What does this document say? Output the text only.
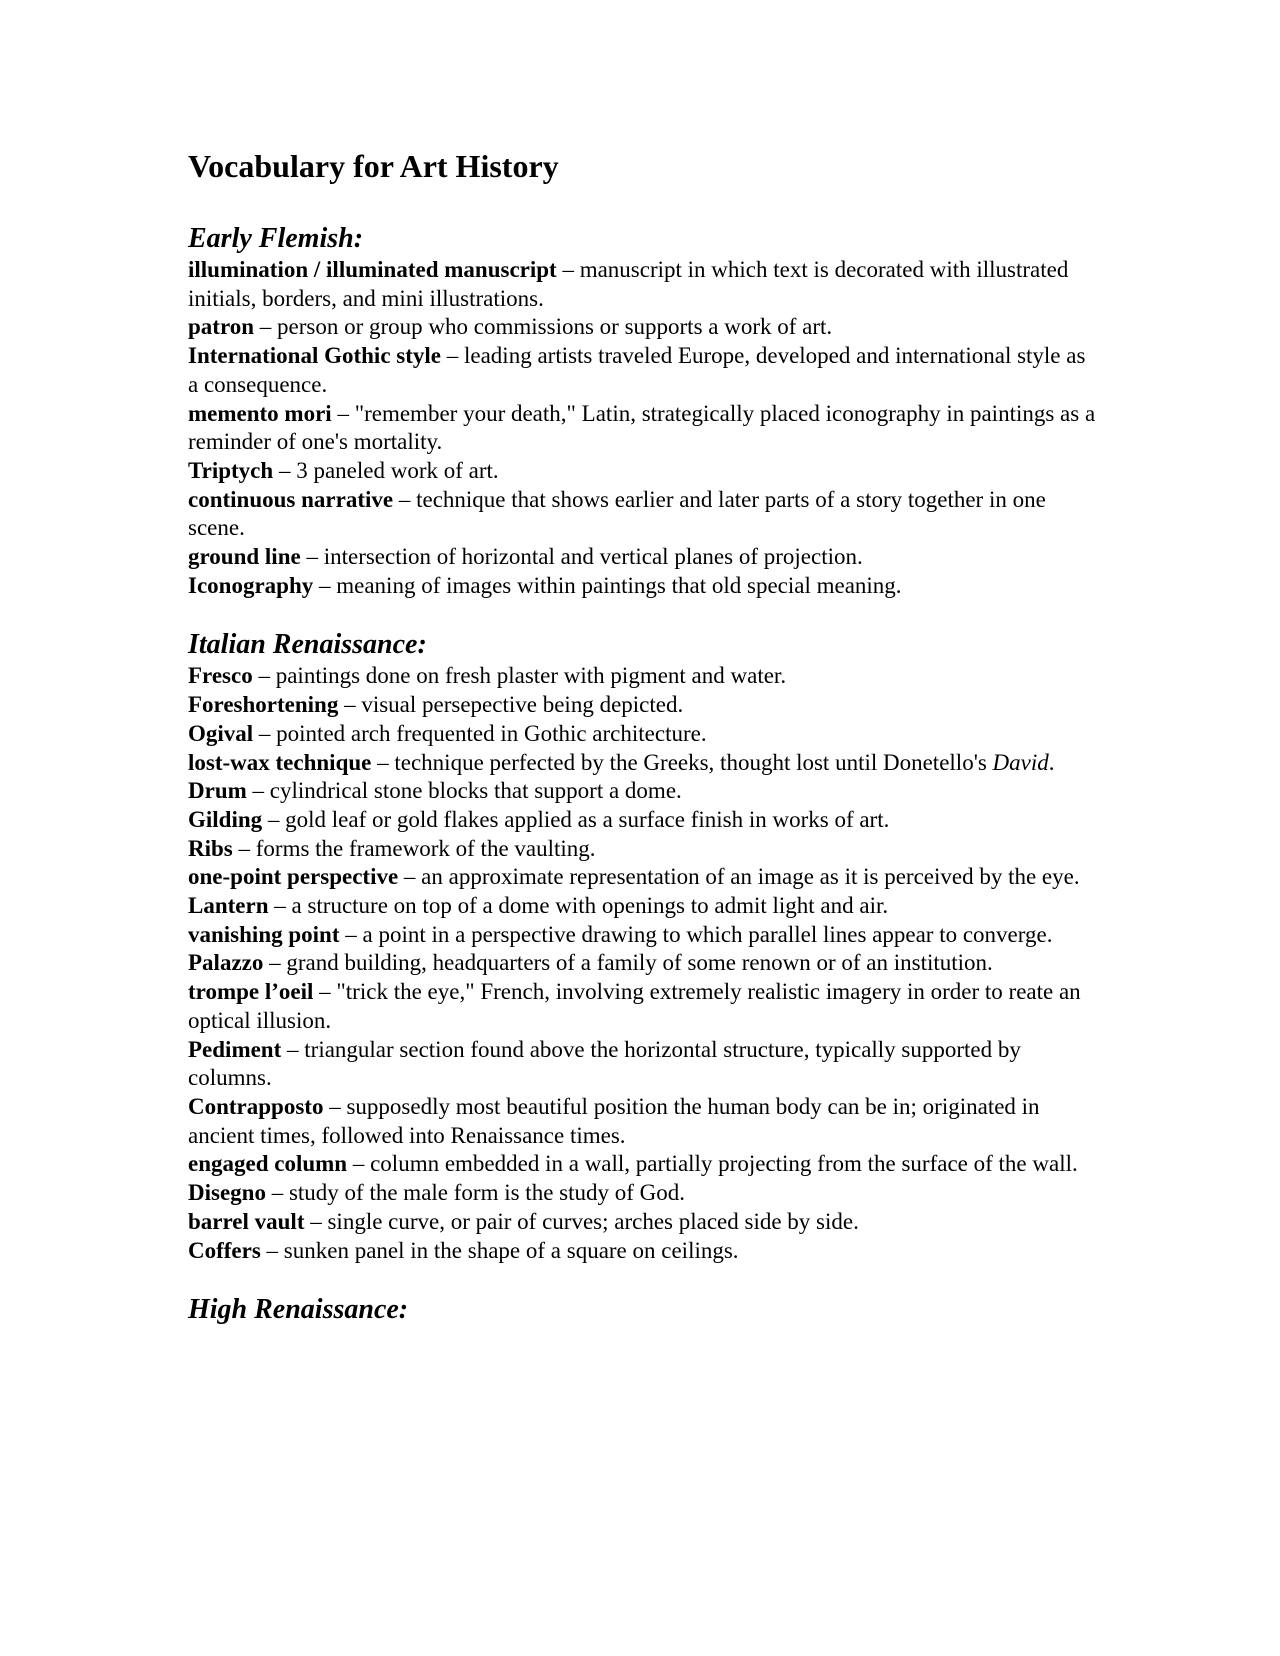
Vocabulary for Art History
Early Flemish:

illumination / illuminated manuscript – manuscript in which text is decorated with illustrated initials, borders, and mini illustrations.

patron – person or group who commissions or supports a work of art.

International Gothic style – leading artists traveled Europe, developed and international style as a consequence.

memento mori – "remember your death," Latin, strategically placed iconography in paintings as a reminder of one's mortality.

Triptych – 3 paneled work of art.

continuous narrative – technique that shows earlier and later parts of a story together in one scene.

ground line – intersection of horizontal and vertical planes of projection.

Iconography – meaning of images within paintings that old special meaning.

Italian Renaissance:

Fresco – paintings done on fresh plaster with pigment and water.

Foreshortening – visual persepective being depicted.

Ogival – pointed arch frequented in Gothic architecture.

lost-wax technique – technique perfected by the Greeks, thought lost until Donetello's David.

Drum – cylindrical stone blocks that support a dome.

Gilding – gold leaf or gold flakes applied as a surface finish in works of art.

Ribs – forms the framework of the vaulting.

one-point perspective – an approximate representation of an image as it is perceived by the eye.

Lantern – a structure on top of a dome with openings to admit light and air.

vanishing point – a point in a perspective drawing to which parallel lines appear to converge.

Palazzo – grand building, headquarters of a family of some renown or of an institution.

trompe l’oeil – "trick the eye," French, involving extremely realistic imagery in order to reate an optical illusion.

Pediment – triangular section found above the horizontal structure, typically supported by columns.

Contrapposto – supposedly most beautiful position the human body can be in; originated in ancient times, followed into Renaissance times.

engaged column – column embedded in a wall, partially projecting from the surface of the wall.

Disegno – study of the male form is the study of God.

barrel vault – single curve, or pair of curves; arches placed side by side.

Coffers – sunken panel in the shape of a square on ceilings.

High Renaissance:
